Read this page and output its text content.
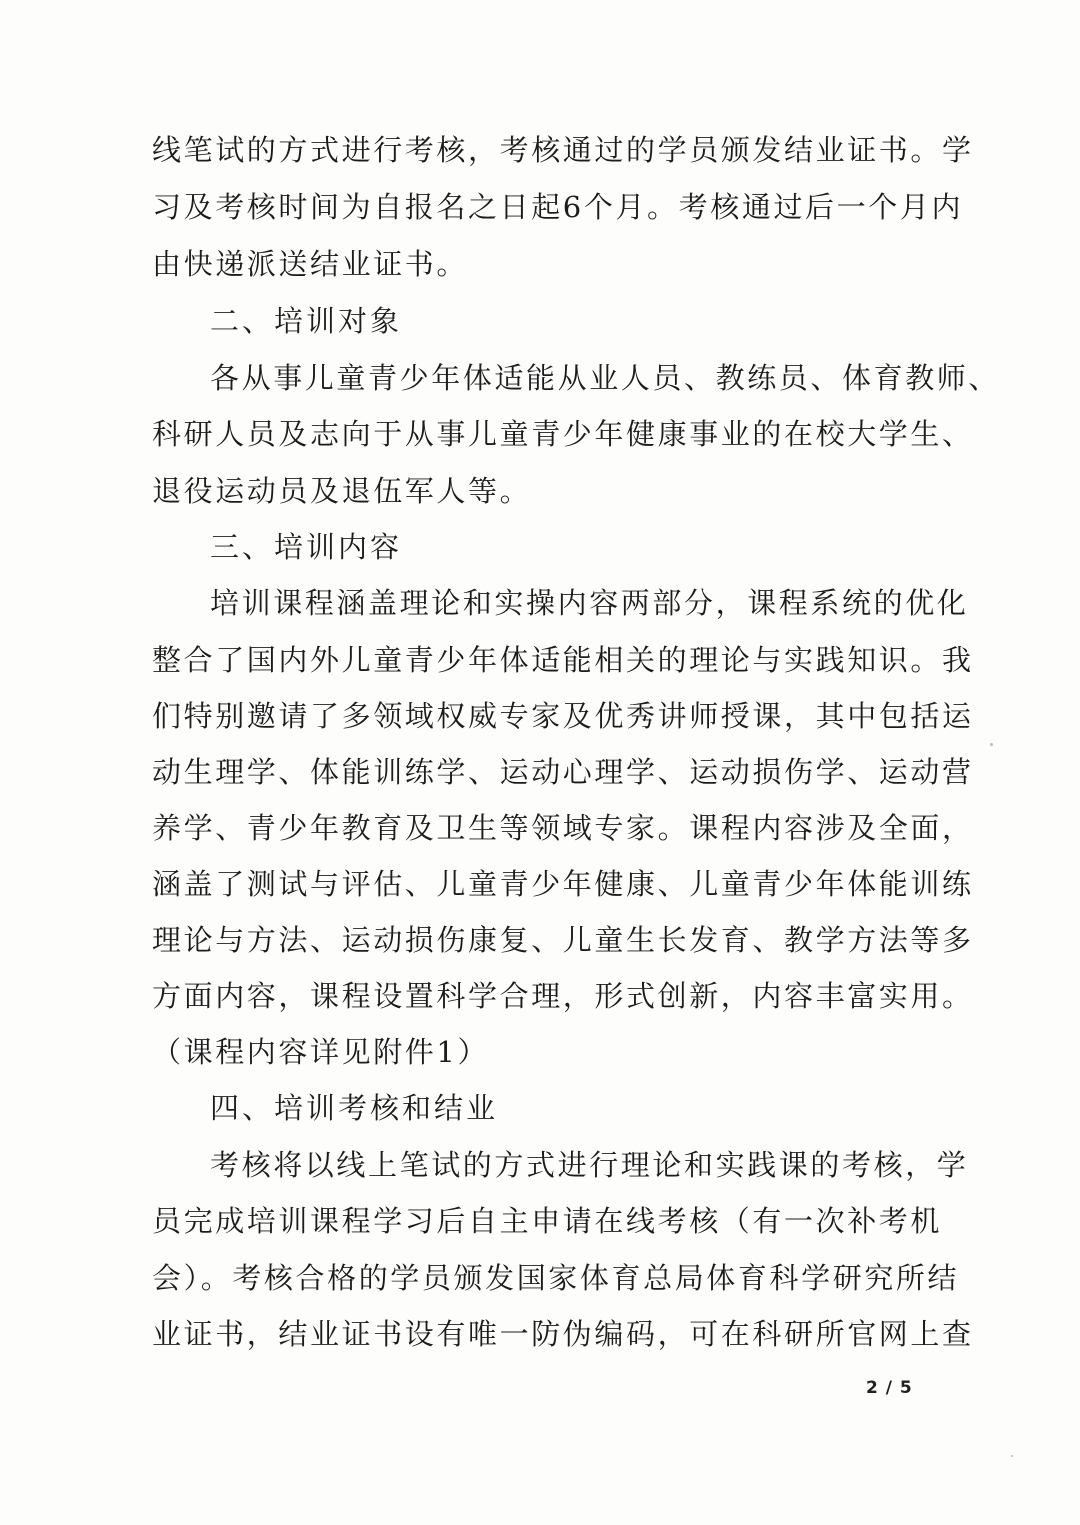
线笔试的方式进行考核，考核通过的学员颁发结业证书。学
习及考核时间为自报名之日起6个月。考核通过后一个月内
由快递派送结业证书。
二、培训对象
各从事儿童青少年体适能从业人员、教练员、体育教师、
科研人员及志向于从事儿童青少年健康事业的在校大学生、
退役运动员及退伍军人等。
三、培训内容
培训课程涵盖理论和实操内容两部分，课程系统的优化
整合了国内外儿童青少年体适能相关的理论与实践知识。我
们特别邀请了多领域权威专家及优秀讲师授课，其中包括运
动生理学、体能训练学、运动心理学、运动损伤学、运动营
养学、青少年教育及卫生等领域专家。课程内容涉及全面，
涵盖了测试与评估、儿童青少年健康、儿童青少年体能训练
理论与方法、运动损伤康复、儿童生长发育、教学方法等多
方面内容，课程设置科学合理，形式创新，内容丰富实用。
（课程内容详见附件1）
四、培训考核和结业
考核将以线上笔试的方式进行理论和实践课的考核，学
员完成培训课程学习后自主申请在线考核（有一次补考机
会）。考核合格的学员颁发国家体育总局体育科学研究所结
业证书，结业证书设有唯一防伪编码，可在科研所官网上查
2 / 5
